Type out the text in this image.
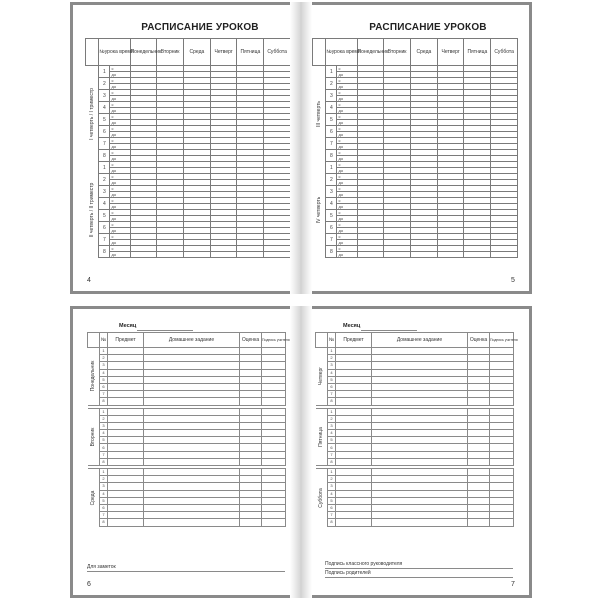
РАСПИСАНИЕ УРОКОВ
	№урока время		Понедельник	Вторник	Среда	Четверг	Пятница	Суббота

I четверть / I триместр	1	с						
		до						
	2	с						
		до						
	3	с						
		до						
	4	с						
		до						
	5	с						
		до						
	6	с						
		до						
	7	с						
		до						
	8	с						
		до						

II четверть / II триместр	1	с						
		до						
	2	с						
		до						
	3	с						
		до						
	4	с						
		до						
	5	с						
		до						
	6	с						
		до						
	7	с						
		до						
	8	с						
		до						
4
РАСПИСАНИЕ УРОКОВ
	№урока время		Понедельник	Вторник	Среда	Четверг	Пятница	Суббота

III четверть	1	с						
		до						
	2	с						
		до						
	3	с						
		до						
	4	с						
		до						
	5	с						
		до						
	6	с						
		до						
	7	с						
		до						
	8	с						
		до						

IV четверть	1	с						
		до						
	2	с						
		до						
	3	с						
		до						
	4	с						
		до						
	5	с						
		до						
	6	с						
		до						
	7	с						
		до						
	8	с						
		до						
5
Месяц
	№	Предмет	Домашнее задание	Оценка	Подпись учителя

Понедельник	1				
	2				
	3				
	4				
	5				
	6				
	7				
	8				

Вторник	1				
	2				
	3				
	4				
	5				
	6				
	7				
	8				

Среда	1				
	2				
	3				
	4				
	5				
	6				
	7				
	8				
Для заметок
6
Месяц
	№	Предмет	Домашнее задание	Оценка	Подпись учителя

Четверг	1				
	2				
	3				
	4				
	5				
	6				
	7				
	8				

Пятница	1				
	2				
	3				
	4				
	5				
	6				
	7				
	8				

Суббота	1				
	2				
	3				
	4				
	5				
	6				
	7				
	8				
Подпись классного руководителя
Подпись родителей
7
